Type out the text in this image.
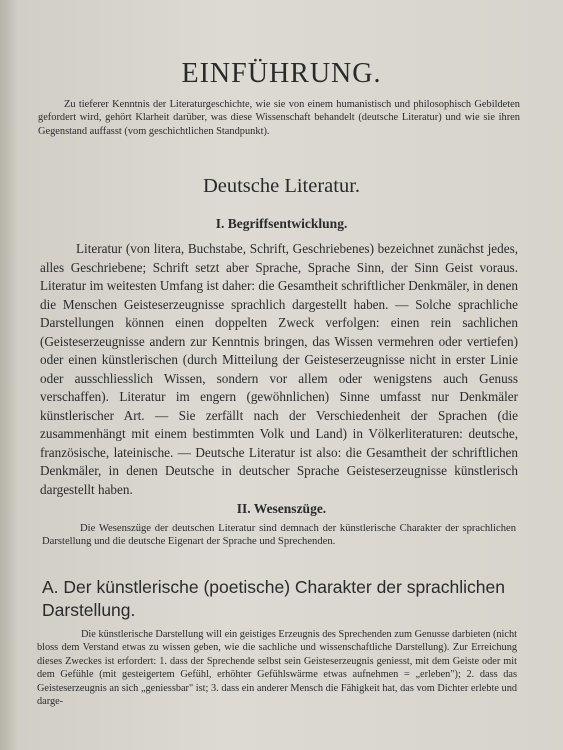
EINFÜHRUNG.
Zu tieferer Kenntnis der Literaturgeschichte, wie sie von einem humanistisch und philosophisch Gebildeten gefordert wird, gehört Klarheit darüber, was diese Wissenschaft behandelt (deutsche Literatur) und wie sie ihren Gegenstand auffasst (vom geschichtlichen Standpunkt).
Deutsche Literatur.
I. Begriffsentwicklung.
Literatur (von litera, Buchstabe, Schrift, Geschriebenes) bezeichnet zunächst jedes, alles Geschriebene; Schrift setzt aber Sprache, Sprache Sinn, der Sinn Geist voraus. Literatur im weitesten Umfang ist daher: die Gesamtheit schriftlicher Denkmäler, in denen die Menschen Geisteserzeugnisse sprachlich dargestellt haben. — Solche sprachliche Darstellungen können einen doppelten Zweck verfolgen: einen rein sachlichen (Geisteserzeugnisse andern zur Kenntnis bringen, das Wissen vermehren oder vertiefen) oder einen künstlerischen (durch Mitteilung der Geisteserzeugnisse nicht in erster Linie oder ausschliesslich Wissen, sondern vor allem oder wenigstens auch Genuss verschaffen). Literatur im engern (gewöhnlichen) Sinne umfasst nur Denkmäler künstlerischer Art. — Sie zerfällt nach der Verschiedenheit der Sprachen (die zusammenhängt mit einem bestimmten Volk und Land) in Völkerliteraturen: deutsche, französische, lateinische. — Deutsche Literatur ist also: die Gesamtheit der schriftlichen Denkmäler, in denen Deutsche in deutscher Sprache Geisteserzeugnisse künstlerisch dargestellt haben.
II. Wesenszüge.
Die Wesenszüge der deutschen Literatur sind demnach der künstlerische Charakter der sprachlichen Darstellung und die deutsche Eigenart der Sprache und Sprechenden.
A. Der künstlerische (poetische) Charakter der sprachlichen Darstellung.
Die künstlerische Darstellung will ein geistiges Erzeugnis des Sprechenden zum Genusse darbieten (nicht bloss dem Verstand etwas zu wissen geben, wie die sachliche und wissenschaftliche Darstellung). Zur Erreichung dieses Zweckes ist erfordert: 1. dass der Sprechende selbst sein Geisteserzeugnis geniesst, mit dem Geiste oder mit dem Gefühle (mit gesteigertem Gefühl, erhöhter Gefühlswärme etwas aufnehmen = „erleben"); 2. dass das Geisteserzeugnis an sich „geniessbar" ist; 3. dass ein anderer Mensch die Fähigkeit hat, das vom Dichter erlebte und darge-
